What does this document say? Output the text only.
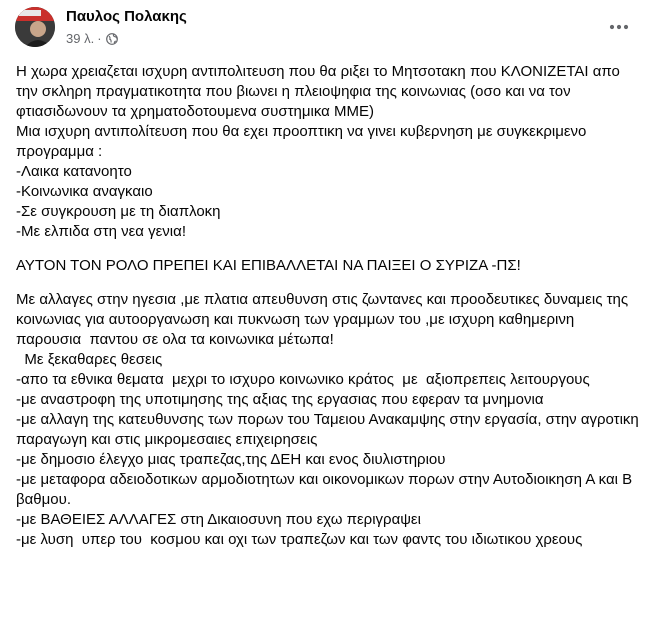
Παυλος Πολακης
39 λ. ·

Η χωρα χρειαζεται ισχυρη αντιπολιτευση που θα ριξει το Μητσοτακη που ΚΛΟΝΙΖΕΤΑΙ απο την σκληρη πραγματικοτητα που βιωνει η πλειοψηφια της κοινωνιας (οσο και να τον φτιασιδωνουν τα χρηματοδοτουμενα συστημικα ΜΜΕ)
Μια ισχυρη αντιπολίτευση που θα εχει προοπτικη να γινει κυβερνηση με συγκεκριμενο προγραμμα :
-Λαικα κατανοητο
-Κοινωνικα αναγκαιο
-Σε συγκρουση με τη διαπλοκη
-Με ελπιδα στη νεα γενια!

ΑΥΤΟΝ ΤΟΝ ΡΟΛΟ ΠΡΕΠΕΙ ΚΑΙ ΕΠΙΒΑΛΛΕΤΑΙ ΝΑ ΠΑΙΞΕΙ Ο ΣΥΡΙΖΑ -ΠΣ!

Με αλλαγες στην ηγεσια ,με πλατια απευθυνση στις ζωντανες και προοδευτικες δυναμεις της κοινωνιας για αυτοοργανωση και πυκνωση των γραμμων του ,με ισχυρη καθημερινη παρουσια  παντου σε ολα τα κοινωνικα μέτωπα!
Με ξεκαθαρες θεσεις
-απο τα εθνικα θεματα  μεχρι το ισχυρο κοινωνικο κράτος  με  αξιοπρεπεις λειτουργους
-με αναστροφη της υποτιμησης της αξιας της εργασιας που εφεραν τα μνημονια
-με αλλαγη της κατευθυνσης των πορων του Ταμειου Ανακαμψης στην εργασία, στην αγροτικη παραγωγη και στις μικρομεσαιες επιχειρησεις
-με δημοσιο έλεγχο μιας τραπεζας,της ΔΕΗ και ενος διυλιστηριου
-με μεταφορα αδειοδοτικων αρμοδιοτητων και οικονομικων πορων στην Αυτοδιοικηση Α και Β  βαθμου.
-με ΒΑΘΕΙΕΣ ΑΛΛΑΓΕΣ στη Δικαιοσυνη που εχω περιγραψει
-με λυση  υπερ του  κοσμου και οχι των τραπεζων και των φαντς του ιδιωτικου χρεους
